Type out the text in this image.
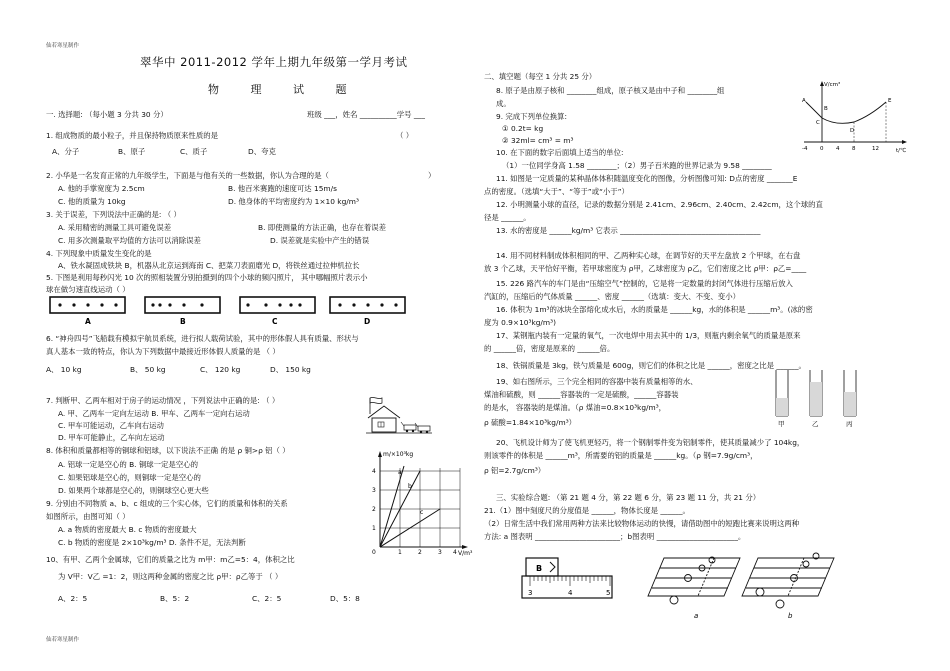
仙若寒星制作
仙若寒星制作
翠华中 2011-2012 学年上期九年级第一学月考试
物 理 试 题
一. 选择题: （每小题 3 分共 30 分）	班级 ___，姓名 __________学号 ___
1. 组成物质的最小粒子，并且保持物质原来性质的是	（ ）
A、分子	B、原子	C、质子	D、夸克
2. 小华是一名发育正常的九年级学生，下面是与他有关的一些数据，你认为合理的是（	）
A. 他的手掌宽度为 2.5cm	B. 他百米赛跑的速度可达 15m/s
C. 他的质量为 10kg	D. 他身体的平均密度约为 1×10 kg/m³
3. 关于误差，下列说法中正确的是: （ ）
A. 采用精密的测量工具可避免误差	B. 即使测量的方法正确，也存在着误差
C. 用多次测量取平均值的方法可以消除误差	D. 误差就是实验中产生的错误
4. 下列现象中质量发生变化的是
A、铁水凝固成铁块 B，机器从北京运到海南 C、把菜刀表面磨光 D，将铁丝通过拉伸机拉长
5. 下图是利用每秒闪光 10 次的照相装置分别拍摄到的四个小球的频闪照片， 其中哪幅照片表示小
球在做匀速直线运动（ ）
A	B	C	D
6. “神舟四号”飞船载有模拟宇航员系统，进行拟人载荷试验，其中的形体假人具有质量、形状与
真人基本一致的特点，你认为下列数据中最接近形体假人质量的是 （ ）
A、 10 kg	B、 50 kg	C、 120 kg	D、 150 kg
7. 判断甲、乙两车相对于房子的运动情况 ，下列说法中正确的是: （ ）
A. 甲、乙两车一定向左运动 B. 甲车、乙两车一定向右运动
C. 甲车可能运动，乙车向右运动
D. 甲车可能静止，乙车向左运动
8. 体积和质量都相等的铜球和铝球，以下说法不正确 的是 ρ 铜>ρ 铝（ ）
A. 铝球一定是空心的 B. 铜球一定是空心的
C. 如果铝球是空心的，则铜球一定是空心的
D. 如果两个球都是空心的，则铜球空心更大些
9. 分别由不同物质 a、b、c 组成的三个实心体，它们的质量和体积的关系
如图所示，由图可知（ ）
A. a 物质的密度最大 B. c 物质的密度最大
C. b 物质的密度是 2×10³kg/m³ D. 条件不足，无法判断
m/×10³kg
V/m³
4
3
2
1
0	1	2	3 4
a
b
c
10、有甲、乙两个金属球，它们的质量之比为 m甲：m乙=5：4，体积之比
为 V甲：V乙 =1：2，则这两种金属的密度之比 ρ甲：ρ乙等于 （ ）
A、2：5	B、5：2	C、2：5	D、5：8
二、填空题（每空 1 分共 25 分）
8. 原子是由原子核和 ________组成，原子核又是由中子和 ________组
成。
9. 完成下列单位换算:
① 0.2t= kg
② 32ml= cm³ = m³
10. 在下面的数字后面填上适当的单位:
（1）一位同学身高 1.58 ________；（2）男子百米跑的世界记录为 9.58 ________
11. 如图是一定质量的某种晶体体积随温度变化的图像，分析图像可知: D点的密度 _______E
点的密度。（选填“大于”、“等于”或“小于”）
V/cm³
t/℃
-4 0 4 8	12
A
B
C
D
E
12. 小明测量小球的直径，记录的数据分别是 2.41cm、2.96cm、2.40cm、2.42cm，这个球的直
径是 ______。
13. 水的密度是 ______kg/m³ 它表示 ______________________________________
14. 用不同材料制成体积相同的甲、乙两种实心球，在调节好的天平左盘放 2 个甲球，在右盘
放 3 个乙球，天平恰好平衡，若甲球密度为 ρ甲，乙球密度为 ρ乙，它们密度之比 ρ甲：ρ乙=____
15. 226 路汽车的车门是由“压缩空气”控制的，它是将一定数量的封闭气体进行压缩后放入
汽缸的，压缩后的气体质量 ______、密度 ______（选填：变大、不变、变小）
16. 体积为 1m³的冰块全部熔化成水后，水的质量是 ______kg，水的体积是 ______m³。(冰的密
度为 0.9×10³kg/m³)
17、某钢瓶内装有一定量的氧气，一次电焊中用去其中的 1/3，则瓶内剩余氧气的质量是原来
的 ______倍，密度是原来的 ______倍。
18、铁锅质量是 3kg，铁勺质量是 600g，则它们的体积之比是 ______，密度之比是 ______。
19、如右图所示，三个完全相同的容器中装有质量相等的水、
煤油和硫酸，则 ______容器装的一定是硫酸，______容器装
的是水， 容器装的是煤油。（ρ 煤油=0.8×10³kg/m³，
ρ 硫酸=1.84×10³kg/m³）	甲	乙	丙
20、飞机设计师为了使飞机更轻巧，将一个钢制零件变为铝制零件，使其质量减少了 104kg，
则该零件的体积是 ______m³，所需要的铝的质量是 ______kg。（ρ 钢=7.9g/cm³，
ρ 铝=2.7g/cm³）
三、实验综合题: （第 21 题 4 分，第 22 题 6 分，第 23 题 11 分，共 21 分）
21.（1）图中刻度尺的分度值是 ______，物体长度是 ______。
（2）日常生活中我们常用两种方法来比较物体运动的快慢，请借助图中的短跑比赛来说明这两种
方法: a 图表明 _______________________；b图表明 ______________________。
B
3	4	5
a	b
